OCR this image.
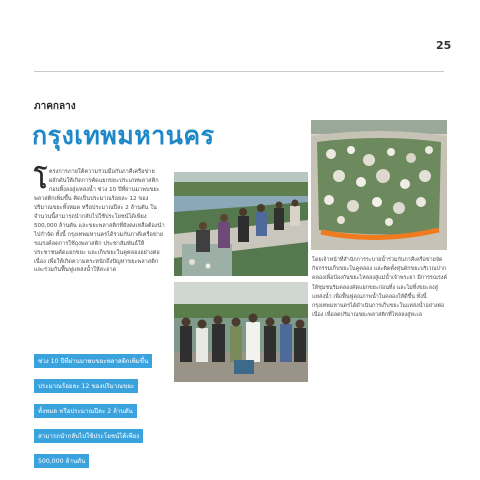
25
ภาคกลาง
กรุงเทพมหานคร
โครงการภายใต้ความร่วมมือกับภาคีเครือข่าย ผลักดันให้เกิดการคัดแยกขยะประเภทพลาสติกก่อนทิ้งลงสู่แหล่งน้ำ ช่วง 10 ปีที่ผ่านมาพบขยะพลาสติกเพิ่มขึ้น คิดเป็นประมาณร้อยละ 12 ของปริมาณขยะทั้งหมด หรือประมาณปีละ 2 ล้านตัน ในจำนวนนี้สามารถนำกลับไปใช้ประโยชน์ได้เพียง 500,000 ล้านตัน และขยะพลาสติกที่ยังคงเหลือต้องนำไปกำจัด ทั้งนี้ กรุงเทพมหานครได้ร่วมกับภาคีเครือข่ายรณรงค์ลดการใช้ถุงพลาสติก ประชาสัมพันธ์ให้ประชาชนคัดแยกขยะ และเก็บขยะในคูคลองอย่างต่อเนื่อง เพื่อให้เกิดความตระหนักถึงปัญหาขยะพลาสติก และร่วมกันฟื้นฟูแหล่งน้ำให้สะอาด
ช่วง 10 ปีที่ผ่านมาพบขยะพลาสติกเพิ่มขึ้น
ประมาณร้อยละ 12 ของปริมาณขยะ
ทั้งหมด หรือประมาณปีละ 2 ล้านตัน
สามารถนำกลับไปใช้ประโยชน์ได้เพียง
500,000 ล้านตัน
โดยเจ้าหน้าที่สำนักการระบายน้ำร่วมกับภาคีเครือข่ายจัดกิจกรรมเก็บขยะในคูคลอง และติดตั้งทุ่นดักขยะบริเวณปากคลองเพื่อป้องกันขยะไหลลงสู่แม่น้ำเจ้าพระยา มีการรณรงค์ให้ชุมชนริมคลองคัดแยกขยะก่อนทิ้ง และไม่ทิ้งขยะลงสู่แหล่งน้ำ เพื่อฟื้นฟูคุณภาพน้ำในคลองให้ดีขึ้น ทั้งนี้ กรุงเทพมหานครได้ดำเนินการเก็บขยะในแหล่งน้ำอย่างต่อเนื่อง เพื่อลดปริมาณขยะพลาสติกที่ไหลลงสู่ทะเล
